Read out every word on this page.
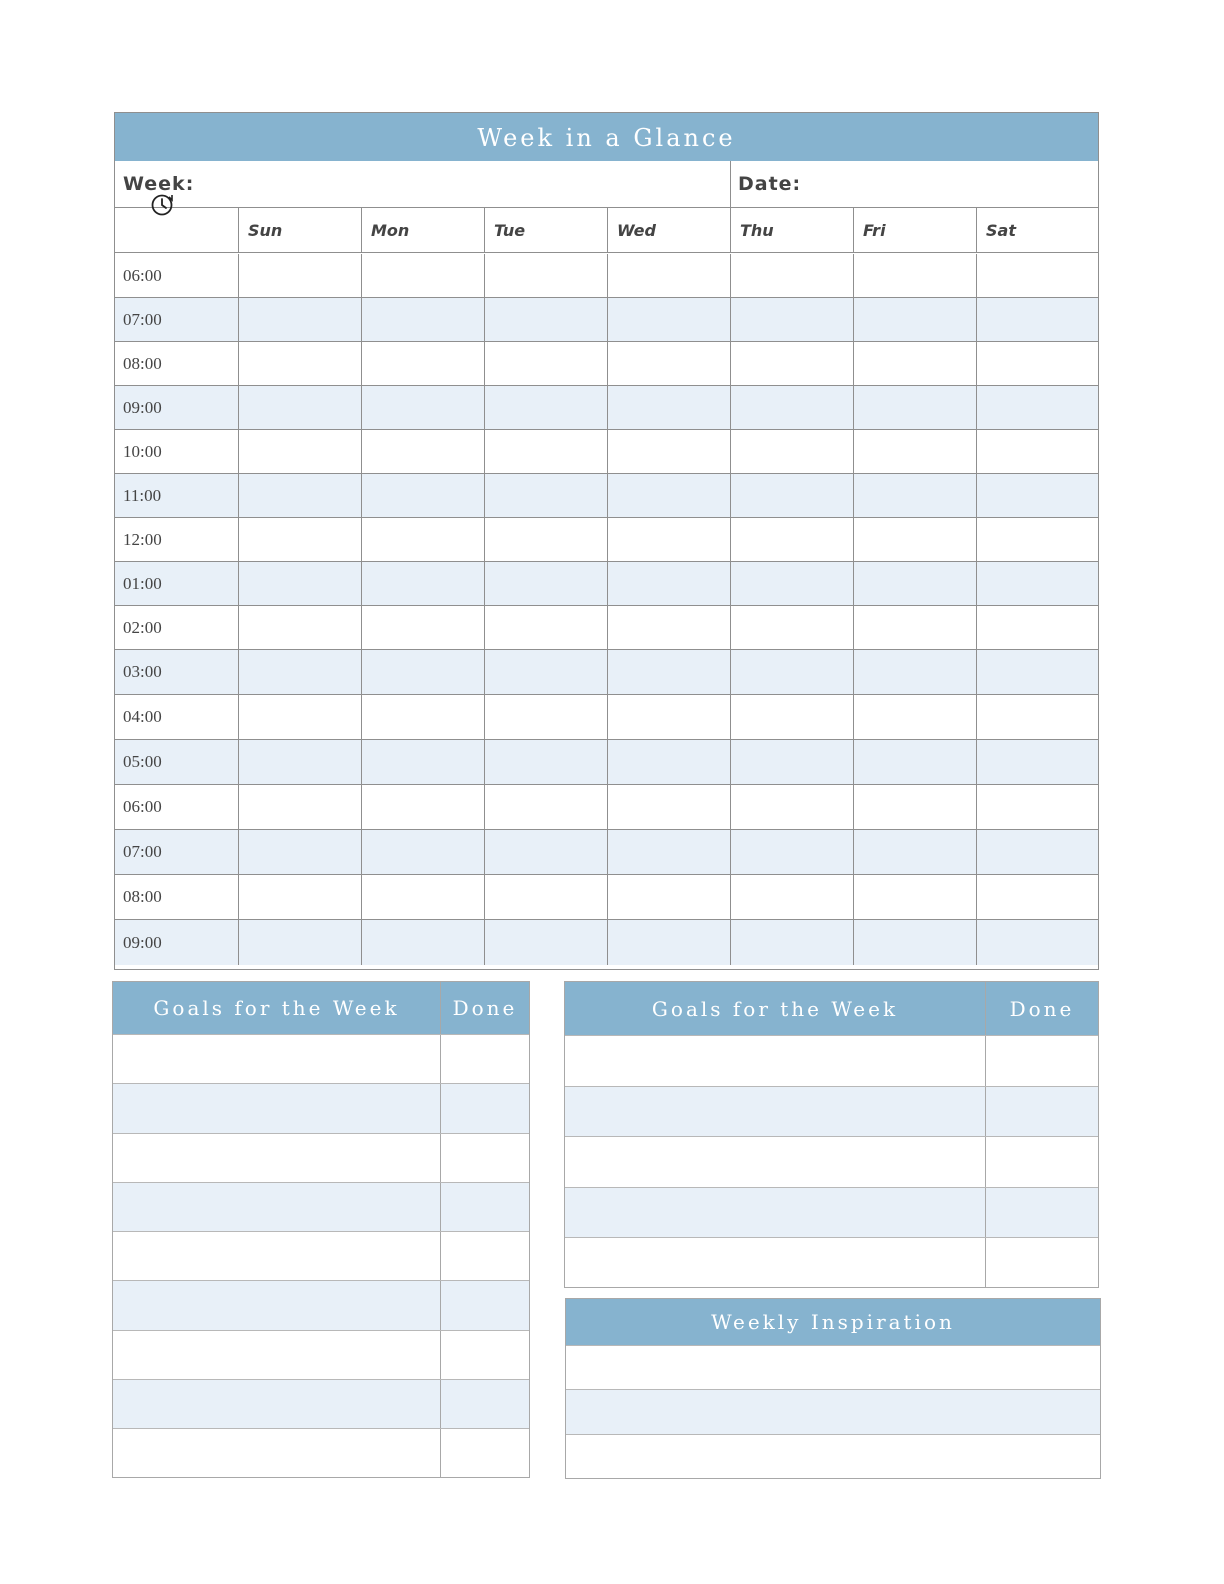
Week in a Glance
Week:	Date:
Sun	Mon	Tue	Wed	Thu	Fri	Sat
06:00
07:00
08:00
09:00
10:00
11:00
12:00
01:00
02:00
03:00
04:00
05:00
06:00
07:00
08:00
09:00
Goals for the Week	Done	Goals for the Week	Done
Weekly Inspiration
